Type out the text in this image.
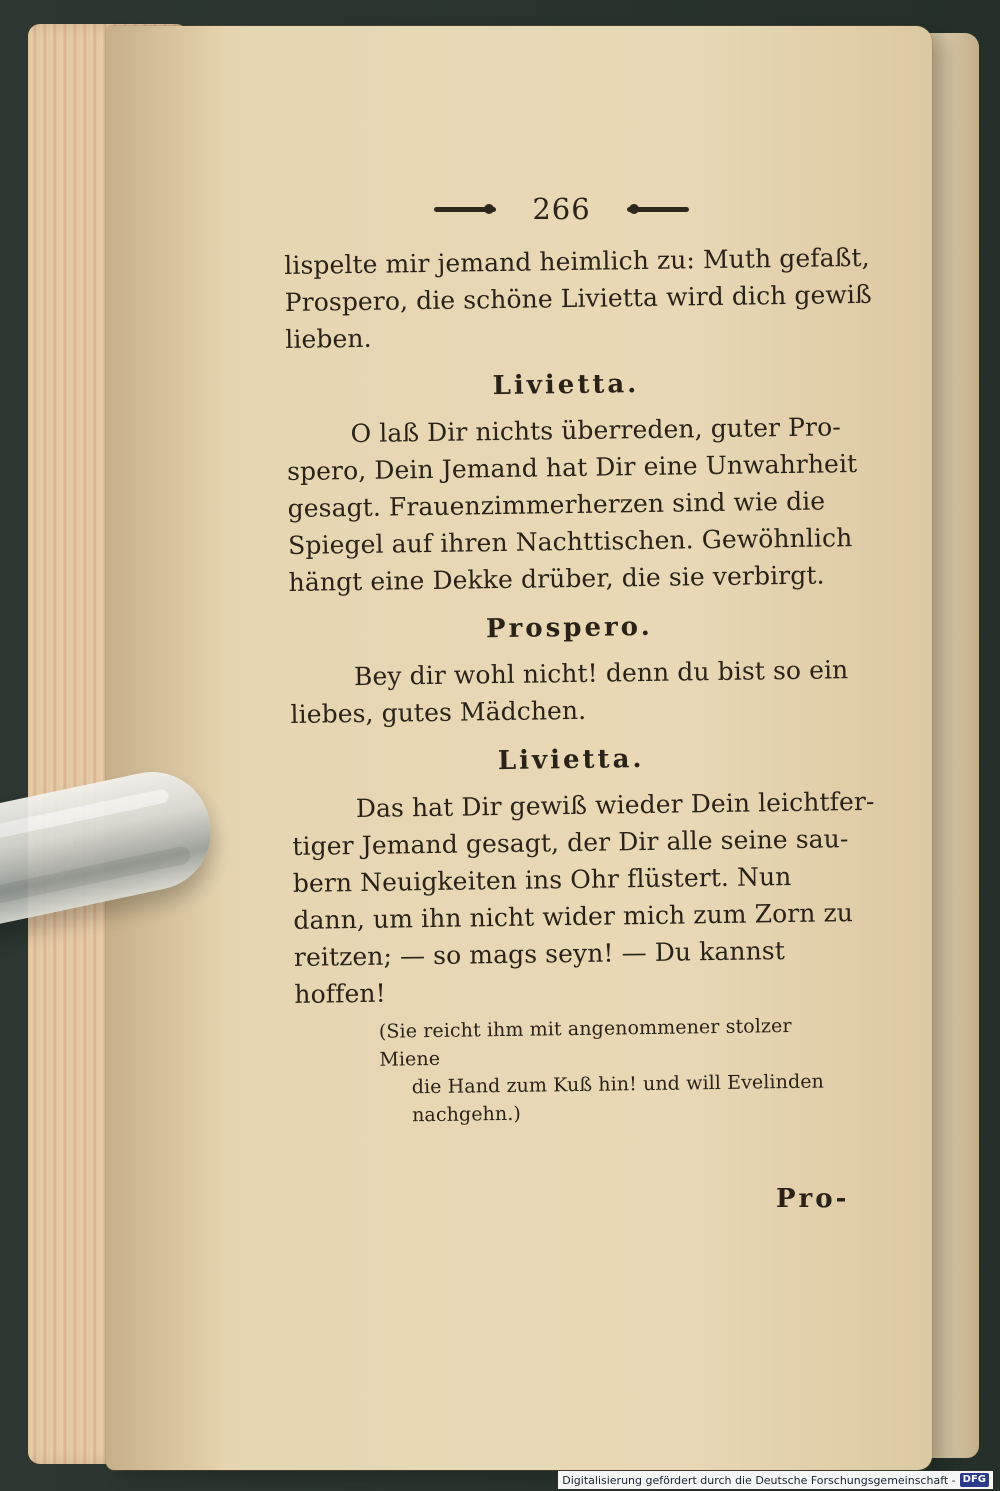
266
lispelte mir jemand heimlich zu: Muth gefaßt,
Prospero, die schöne Livietta wird dich gewiß
lieben.
Livietta.
O laß Dir nichts überreden, guter Pro-
spero, Dein Jemand hat Dir eine Unwahrheit
gesagt. Frauenzimmerherzen sind wie die
Spiegel auf ihren Nachttischen. Gewöhnlich
hängt eine Dekke drüber, die sie verbirgt.
Prospero.
Bey dir wohl nicht! denn du bist so ein
liebes, gutes Mädchen.
Livietta.
Das hat Dir gewiß wieder Dein leichtfer-
tiger Jemand gesagt, der Dir alle seine sau-
bern Neuigkeiten ins Ohr flüstert. Nun
dann, um ihn nicht wider mich zum Zorn zu
reitzen; — so mags seyn! — Du kannst
hoffen!
(Sie reicht ihm mit angenommener stolzer Miene
die Hand zum Kuß hin! und will Evelinden
nachgehn.)
Pro-
Digitalisierung gefördert durch die Deutsche Forschungsgemeinschaft - DFG
